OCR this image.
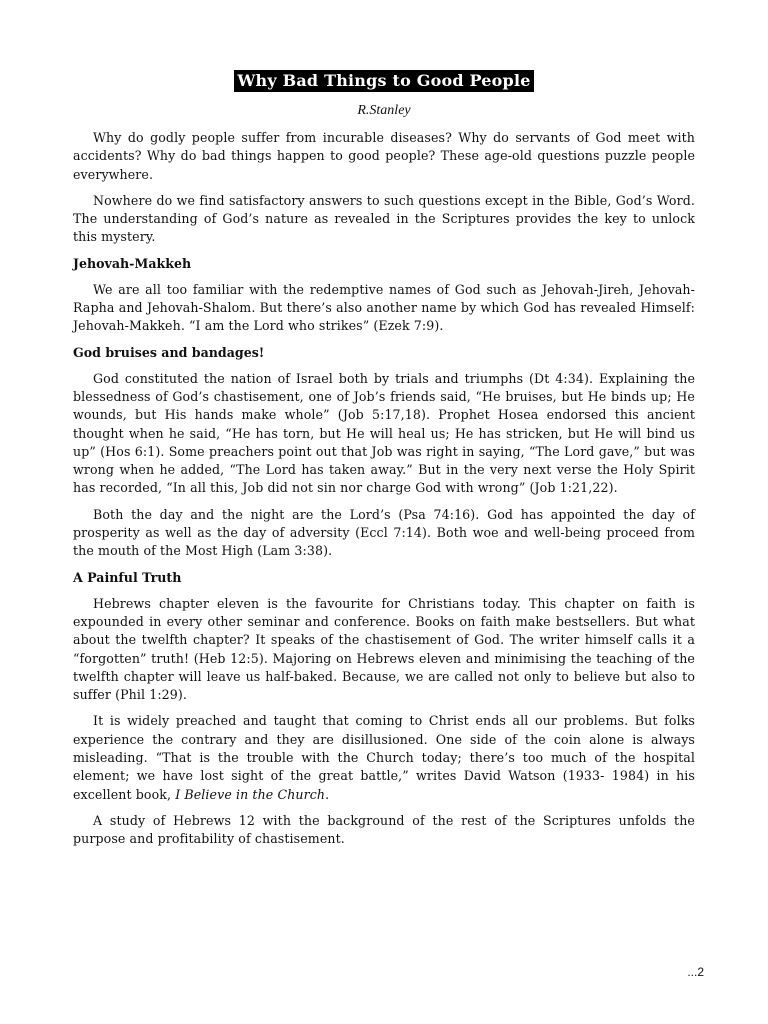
Why Bad Things to Good People
R.Stanley

Why do godly people suffer from incurable diseases? Why do servants of God meet with accidents? Why do bad things happen to good people? These age-old questions puzzle people everywhere.

Nowhere do we find satisfactory answers to such questions except in the Bible, God’s Word. The understanding of God’s nature as revealed in the Scriptures provides the key to unlock this mystery.

Jehovah-Makkeh

We are all too familiar with the redemptive names of God such as Jehovah-Jireh, Jehovah-Rapha and Jehovah-Shalom. But there’s also another name by which God has revealed Himself: Jehovah-Makkeh. “I am the Lord who strikes” (Ezek 7:9).

God bruises and bandages!

God constituted the nation of Israel both by trials and triumphs (Dt 4:34). Explaining the blessedness of God’s chastisement, one of Job’s friends said, “He bruises, but He binds up; He wounds, but His hands make whole” (Job 5:17,18). Prophet Hosea endorsed this ancient thought when he said, “He has torn, but He will heal us; He has stricken, but He will bind us up” (Hos 6:1). Some preachers point out that Job was right in saying, “The Lord gave,” but was wrong when he added, “The Lord has taken away.” But in the very next verse the Holy Spirit has recorded, “In all this, Job did not sin nor charge God with wrong” (Job 1:21,22).

Both the day and the night are the Lord’s (Psa 74:16). God has appointed the day of prosperity as well as the day of adversity (Eccl 7:14). Both woe and well-being proceed from the mouth of the Most High (Lam 3:38).

A Painful Truth

Hebrews chapter eleven is the favourite for Christians today. This chapter on faith is expounded in every other seminar and conference. Books on faith make bestsellers. But what about the twelfth chapter? It speaks of the chastisement of God. The writer himself calls it a “forgotten” truth! (Heb 12:5). Majoring on Hebrews eleven and minimising the teaching of the twelfth chapter will leave us half-baked. Because, we are called not only to believe but also to suffer (Phil 1:29).

It is widely preached and taught that coming to Christ ends all our problems. But folks experience the contrary and they are disillusioned. One side of the coin alone is always misleading. “That is the trouble with the Church today; there’s too much of the hospital element; we have lost sight of the great battle,” writes David Watson (1933- 1984) in his excellent book, I Believe in the Church.

A study of Hebrews 12 with the background of the rest of the Scriptures unfolds the purpose and profitability of chastisement.

...2
